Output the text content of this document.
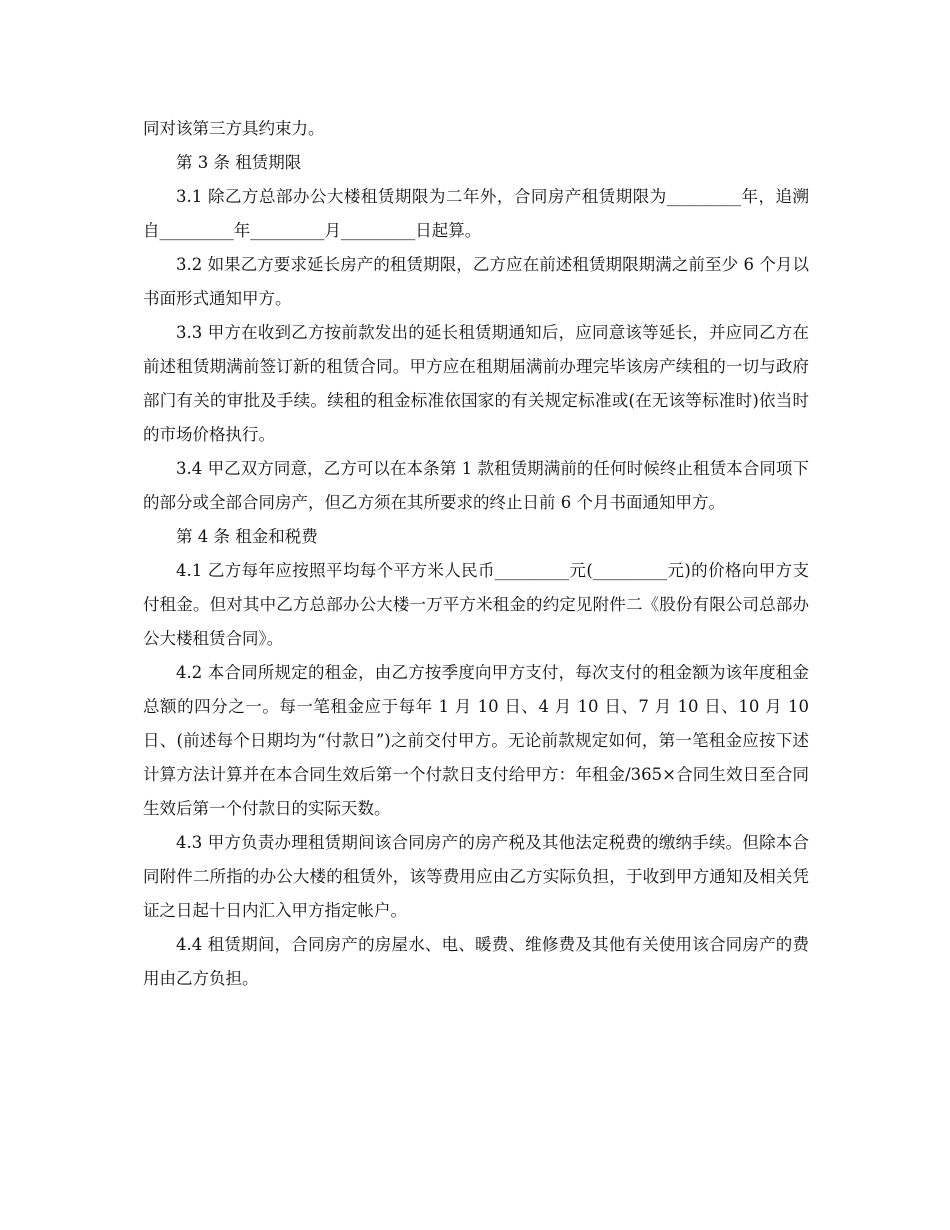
同对该第三方具约束力。

第 3 条 租赁期限

3.1 除乙方总部办公大楼租赁期限为二年外，合同房产租赁期限为_________年，追溯自_________年_________月_________日起算。

3.2 如果乙方要求延长房产的租赁期限，乙方应在前述租赁期限期满之前至少 6 个月以书面形式通知甲方。

3.3 甲方在收到乙方按前款发出的延长租赁期通知后，应同意该等延长，并应同乙方在前述租赁期满前签订新的租赁合同。甲方应在租期届满前办理完毕该房产续租的一切与政府部门有关的审批及手续。续租的租金标准依国家的有关规定标准或(在无该等标准时)依当时的市场价格执行。

3.4 甲乙双方同意，乙方可以在本条第 1 款租赁期满前的任何时候终止租赁本合同项下的部分或全部合同房产，但乙方须在其所要求的终止日前 6 个月书面通知甲方。

第 4 条 租金和税费

4.1 乙方每年应按照平均每个平方米人民币_________元(_________元)的价格向甲方支付租金。但对其中乙方总部办公大楼一万平方米租金的约定见附件二《股份有限公司总部办公大楼租赁合同》。

4.2 本合同所规定的租金，由乙方按季度向甲方支付，每次支付的租金额为该年度租金总额的四分之一。每一笔租金应于每年 1 月 10 日、4 月 10 日、7 月 10 日、10 月 10 日、(前述每个日期均为“付款日”)之前交付甲方。无论前款规定如何，第一笔租金应按下述计算方法计算并在本合同生效后第一个付款日支付给甲方：年租金/365×合同生效日至合同生效后第一个付款日的实际天数。

4.3 甲方负责办理租赁期间该合同房产的房产税及其他法定税费的缴纳手续。但除本合同附件二所指的办公大楼的租赁外，该等费用应由乙方实际负担，于收到甲方通知及相关凭证之日起十日内汇入甲方指定帐户。

4.4 租赁期间，合同房产的房屋水、电、暖费、维修费及其他有关使用该合同房产的费用由乙方负担。
